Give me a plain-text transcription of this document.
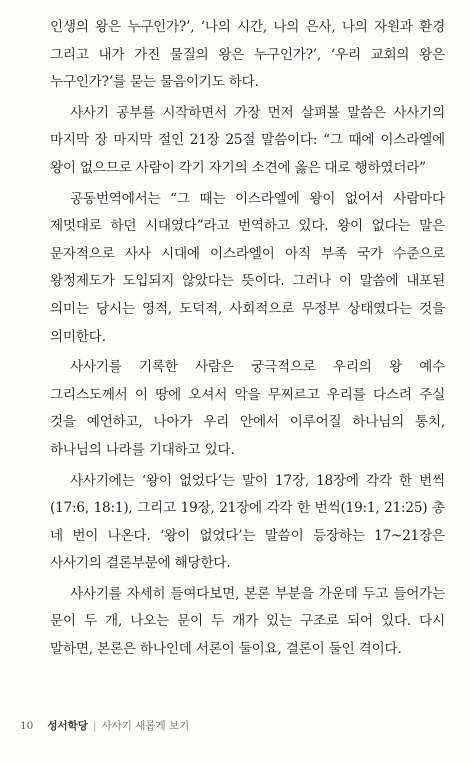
인생의 왕은 누구인가?’, ‘나의 시간, 나의 은사, 나의 자원과 환경 그리고 내가 가진 물질의 왕은 누구인가?’, ‘우리 교회의 왕은 누구인가?’를 묻는 물음이기도 하다.

사사기 공부를 시작하면서 가장 먼저 살펴볼 말씀은 사사기의 마지막 장 마지막 절인 21장 25절 말씀이다: “그 때에 이스라엘에 왕이 없으므로 사람이 각기 자기의 소견에 옳은 대로 행하였더라”

공동번역에서는 “그 때는 이스라엘에 왕이 없어서 사람마다 제멋대로 하던 시대였다”라고 번역하고 있다. 왕이 없다는 말은 문자적으로 사사 시대에 이스라엘이 아직 부족 국가 수준으로 왕정제도가 도입되지 않았다는 뜻이다. 그러나 이 말씀에 내포된 의미는 당시는 영적, 도덕적, 사회적으로 무정부 상태였다는 것을 의미한다.

사사기를 기록한 사람은 궁극적으로 우리의 왕 예수 그리스도께서 이 땅에 오셔서 악을 무찌르고 우리를 다스려 주실 것을 예언하고, 나아가 우리 안에서 이루어질 하나님의 통치, 하나님의 나라를 기대하고 있다.

사사기에는 ‘왕이 없었다’는 말이 17장, 18장에 각각 한 번씩(17:6, 18:1), 그리고 19장, 21장에 각각 한 번씩(19:1, 21:25) 총 네 번이 나온다. ‘왕이 없었다’는 말씀이 등장하는 17~21장은 사사기의 결론부분에 해당한다.

사사기를 자세히 들여다보면, 본론 부분을 가운데 두고 들어가는 문이 두 개, 나오는 문이 두 개가 있는 구조로 되어 있다. 다시 말하면, 본론은 하나인데 서론이 둘이요, 결론이 둘인 격이다.

10 성서학당 | 사사기 새롭게 보기
